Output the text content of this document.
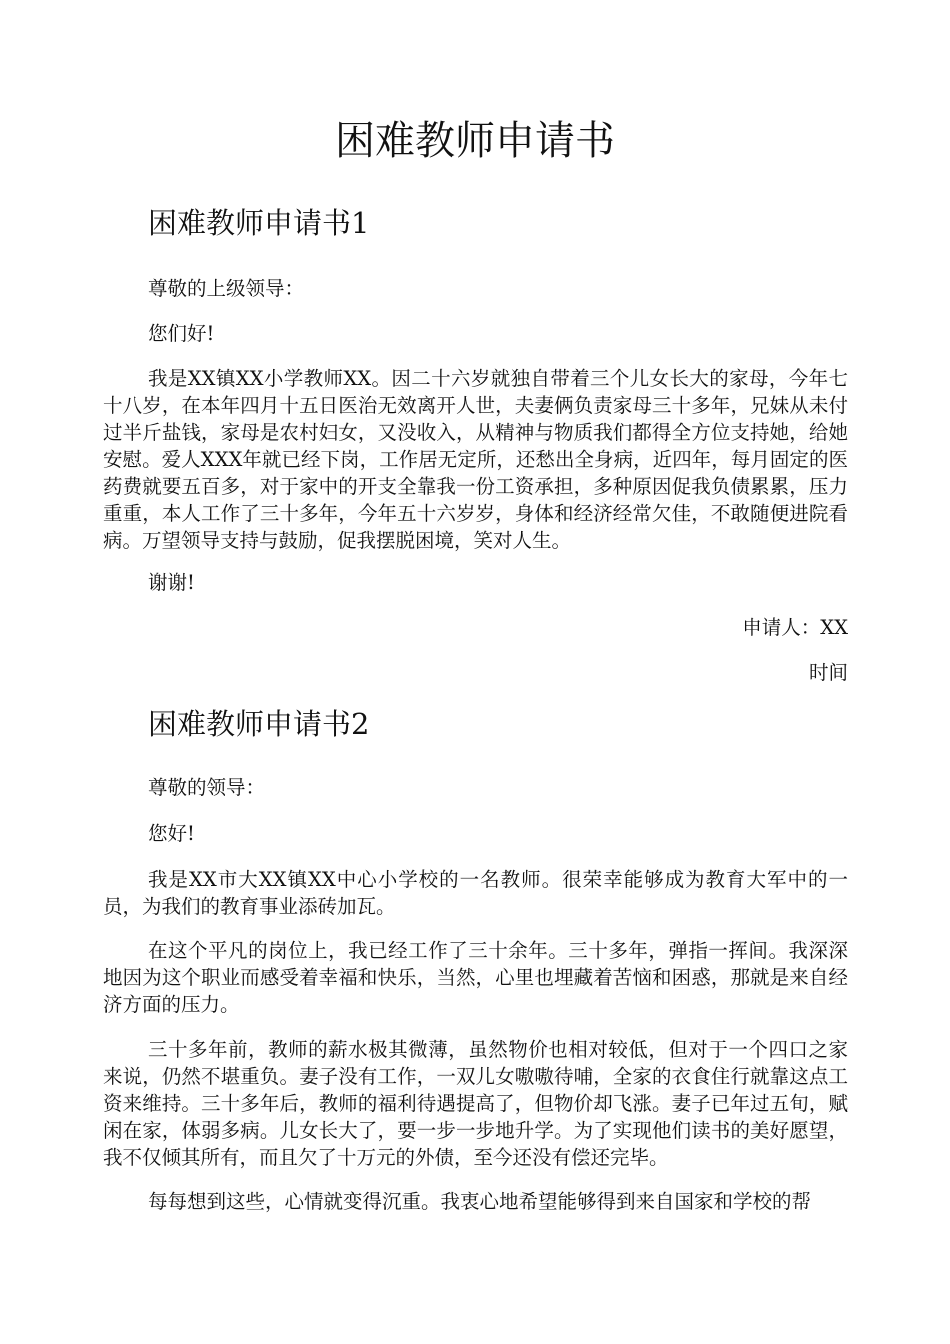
困难教师申请书
困难教师申请书1

尊敬的上级领导：

您们好!

我是XX镇XX小学教师XX。因二十六岁就独自带着三个儿女长大的家母，今年七十八岁，在本年四月十五日医治无效离开人世，夫妻俩负责家母三十多年，兄妹从未付过半斤盐钱，家母是农村妇女，又没收入，从精神与物质我们都得全方位支持她，给她安慰。爱人XXX年就已经下岗，工作居无定所，还愁出全身病，近四年，每月固定的医药费就要五百多，对于家中的开支全靠我一份工资承担，多种原因促我负债累累，压力重重，本人工作了三十多年，今年五十六岁岁，身体和经济经常欠佳，不敢随便进院看病。万望领导支持与鼓励，促我摆脱困境，笑对人生。

谢谢!

申请人：XX

时间

困难教师申请书2

尊敬的领导：

您好!

我是XX市大XX镇XX中心小学校的一名教师。很荣幸能够成为教育大军中的一员，为我们的教育事业添砖加瓦。

在这个平凡的岗位上，我已经工作了三十余年。三十多年，弹指一挥间。我深深地因为这个职业而感受着幸福和快乐，当然，心里也埋藏着苦恼和困惑，那就是来自经济方面的压力。

三十多年前，教师的薪水极其微薄，虽然物价也相对较低，但对于一个四口之家来说，仍然不堪重负。妻子没有工作，一双儿女嗷嗷待哺，全家的衣食住行就靠这点工资来维持。三十多年后，教师的福利待遇提高了，但物价却飞涨。妻子已年过五旬，赋闲在家，体弱多病。儿女长大了，要一步一步地升学。为了实现他们读书的美好愿望，我不仅倾其所有，而且欠了十万元的外债，至今还没有偿还完毕。

每每想到这些，心情就变得沉重。我衷心地希望能够得到来自国家和学校的帮
